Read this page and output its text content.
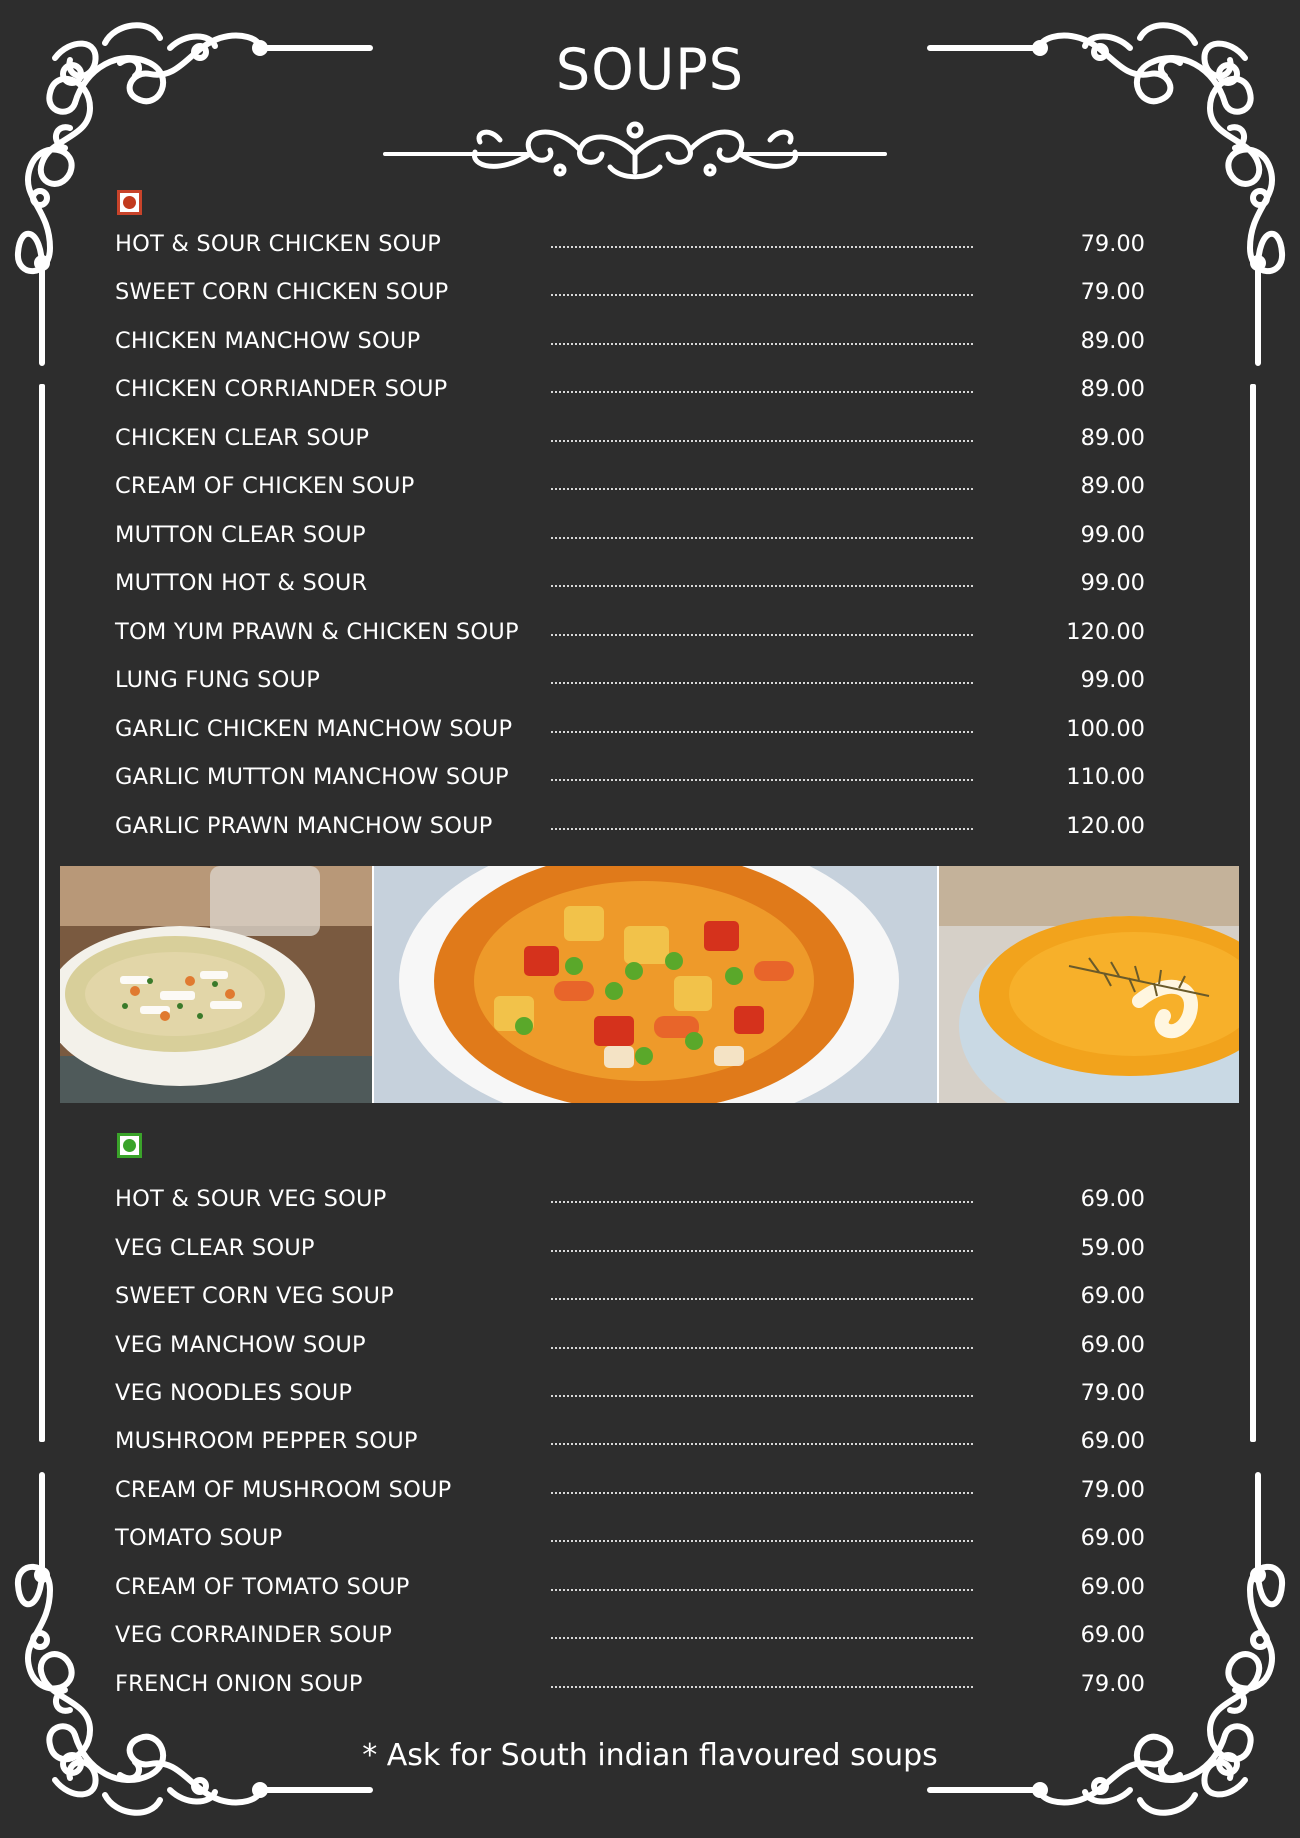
SOUPS
HOT & SOUR CHICKEN SOUP	79.00
SWEET CORN CHICKEN SOUP	79.00
CHICKEN MANCHOW SOUP	89.00
CHICKEN CORRIANDER SOUP	89.00
CHICKEN CLEAR SOUP	89.00
CREAM OF CHICKEN SOUP	89.00
MUTTON CLEAR SOUP	99.00
MUTTON HOT & SOUR	99.00
TOM YUM PRAWN & CHICKEN SOUP	120.00
LUNG FUNG SOUP	99.00
GARLIC CHICKEN MANCHOW SOUP	100.00
GARLIC MUTTON MANCHOW SOUP	110.00
GARLIC PRAWN MANCHOW SOUP	120.00
HOT & SOUR VEG SOUP	69.00
VEG CLEAR SOUP	59.00
SWEET CORN VEG SOUP	69.00
VEG MANCHOW SOUP	69.00
VEG NOODLES SOUP	79.00
MUSHROOM PEPPER SOUP	69.00
CREAM OF MUSHROOM SOUP	79.00
TOMATO SOUP	69.00
CREAM OF TOMATO SOUP	69.00
VEG CORRAINDER SOUP	69.00
FRENCH ONION SOUP	79.00
* Ask for South indian flavoured soups
